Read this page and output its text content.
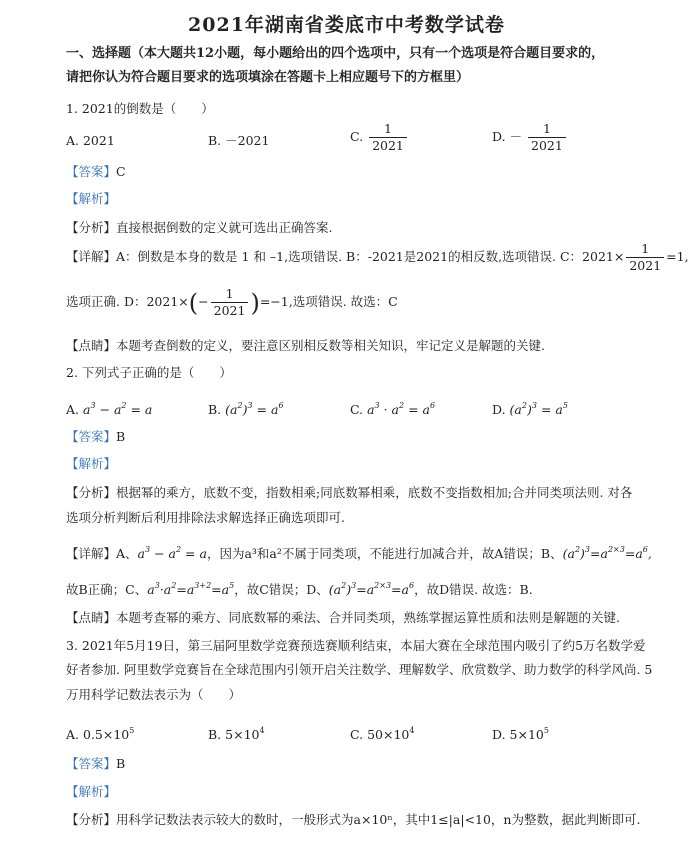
2021年湖南省娄底市中考数学试卷
一、选择题（本大题共12小题，每小题给出的四个选项中，只有一个选项是符合题目要求的，
请把你认为符合题目要求的选项填涂在答题卡上相应题号下的方框里）
1. 2021的倒数是（　　）
A. 2021	B. －2021	C. $\frac{1}{2021}$	D. － $\frac{1}{2021}$
【答案】C
【解析】
【分析】直接根据倒数的定义就可选出正确答案.
【详解】A：倒数是本身的数是 1 和 –1,选项错误. B：-2021是2021的相反数,选项错误. C：$2021\times \frac{1}{2021} =1$,
选项正确. D：$2021\times(- \frac{1}{2021} )=-1$,选项错误. 故选：C
【点睛】本题考查倒数的定义，要注意区别相反数等相关知识，牢记定义是解题的关键.
2. 下列式子正确的是（　　）
A. $a^3 - a^2 = a$	B. $(a^2)^3 = a^6$	C. $a^3 \cdot a^2 = a^6$	D. $(a^2)^3 = a^5$
【答案】B
【解析】
【分析】根据幂的乘方，底数不变，指数相乘;同底数幂相乘，底数不变指数相加;合并同类项法则. 对各
选项分析判断后利用排除法求解选择正确选项即可.
【详解】A、$a^3 - a^2 = a$，因为a³和a²不属于同类项，不能进行加减合并，故A错误；B、$(a^2)^3=a^{2\times 3}=a^6$,
故B正确；C、$a^3\cdot a^2=a^{3+2}=a^5$，故C错误；D、$(a^2)^3=a^{2\times 3}=a^6$，故D错误. 故选：B.
【点睛】本题考查幂的乘方、同底数幂的乘法、合并同类项，熟练掌握运算性质和法则是解题的关键.
3. 2021年5月19日，第三届阿里数学竞赛预选赛顺利结束，本届大赛在全球范围内吸引了约5万名数学爱
好者参加. 阿里数学竞赛旨在全球范围内引领开启关注数学、理解数学、欣赏数学、助力数学的科学风尚. 5
万用科学记数法表示为（　　）
A. $0.5\times 10^5$	B. $5\times 10^4$	C. $50\times 10^4$	D. $5\times 10^5$
【答案】B
【解析】
【分析】用科学记数法表示较大的数时，一般形式为a×10ⁿ，其中1≤|a|<10，n为整数，据此判断即可.
